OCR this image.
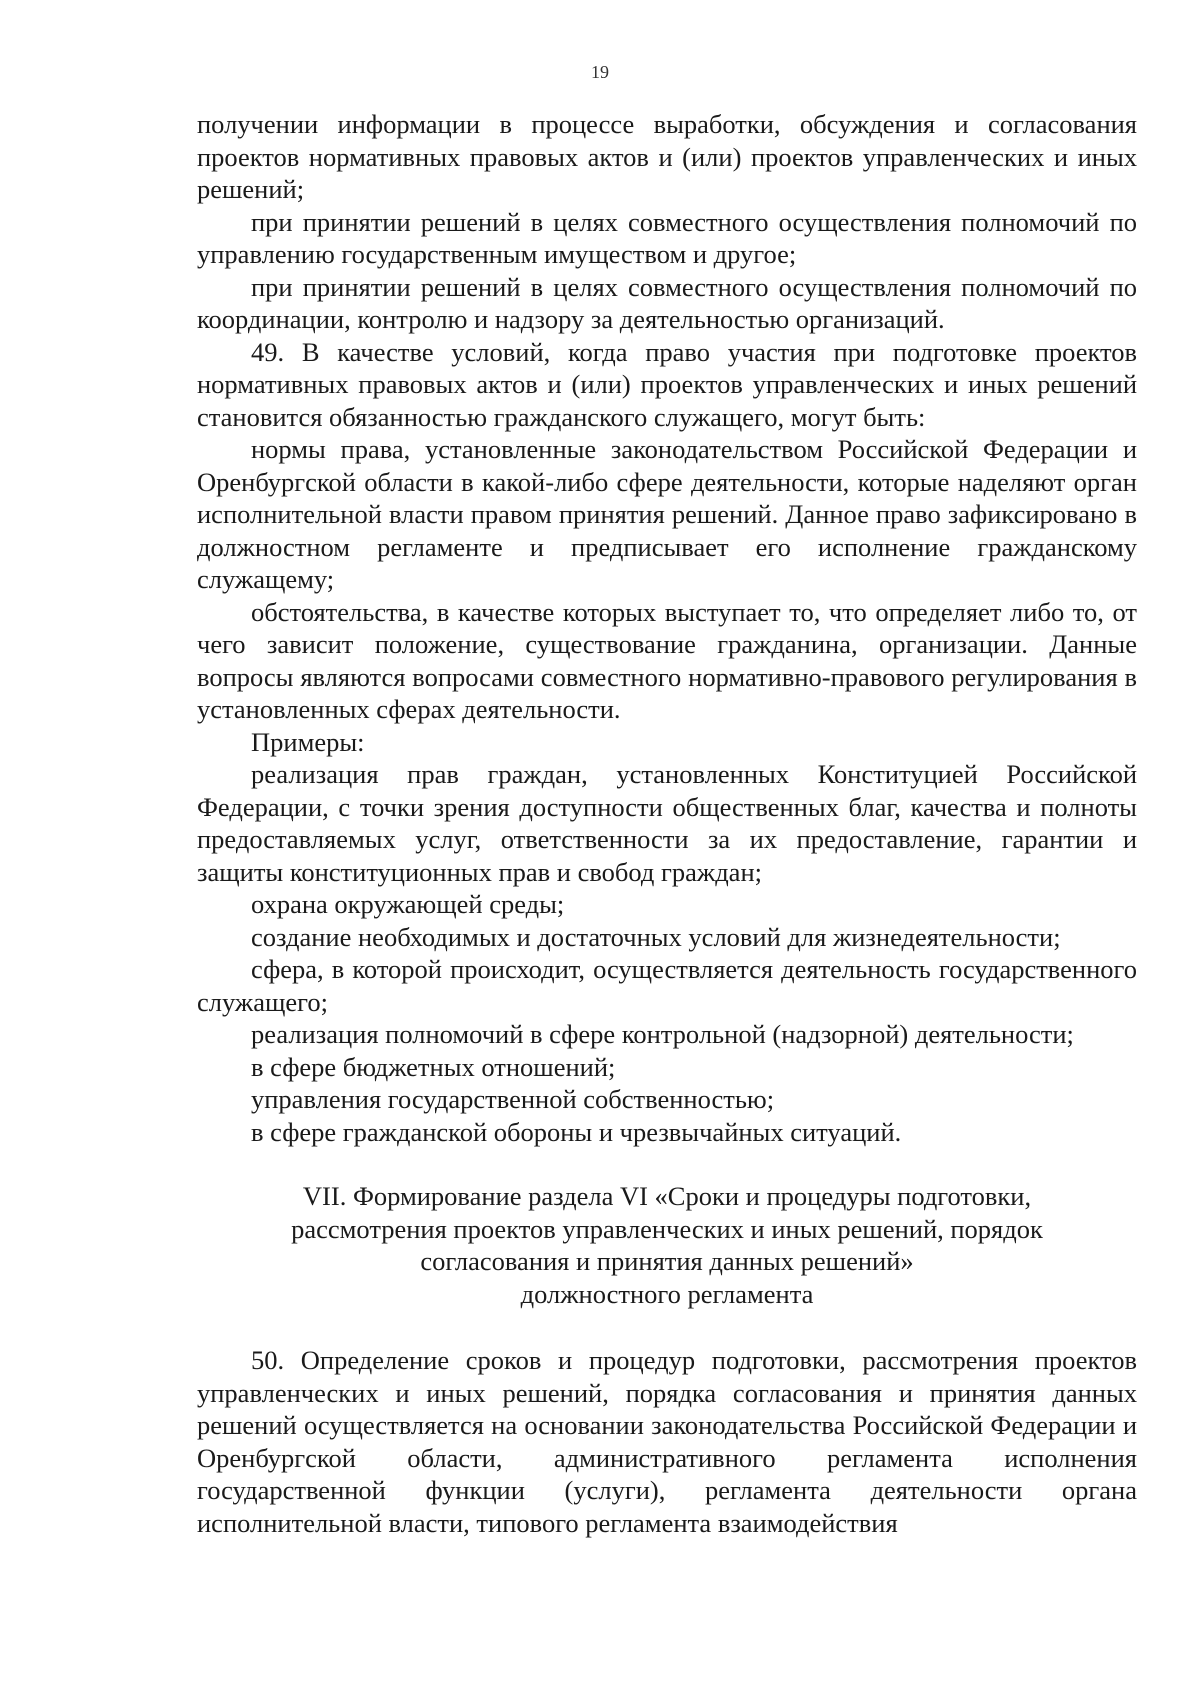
19

получении информации в процессе выработки, обсуждения и согласования проектов нормативных правовых актов и (или) проектов управленческих и иных решений;

при принятии решений в целях совместного осуществления полномочий по управлению государственным имуществом и другое;

при принятии решений в целях совместного осуществления полномочий по координации, контролю и надзору за деятельностью организаций.

49. В качестве условий, когда право участия при подготовке проектов нормативных правовых актов и (или) проектов управленческих и иных решений становится обязанностью гражданского служащего, могут быть:

нормы права, установленные законодательством Российской Федерации и Оренбургской области в какой-либо сфере деятельности, которые наделяют орган исполнительной власти правом принятия решений. Данное право зафиксировано в должностном регламенте и предписывает его исполнение гражданскому служащему;

обстоятельства, в качестве которых выступает то, что определяет либо то, от чего зависит положение, существование гражданина, организации. Данные вопросы являются вопросами совместного нормативно-правового регулирования в установленных сферах деятельности.

Примеры:

реализация прав граждан, установленных Конституцией Российской Федерации, с точки зрения доступности общественных благ, качества и полноты предоставляемых услуг, ответственности за их предоставление, гарантии и защиты конституционных прав и свобод граждан;

охрана окружающей среды;

создание необходимых и достаточных условий для жизнедеятельности;

сфера, в которой происходит, осуществляется деятельность государственного служащего;

реализация полномочий в сфере контрольной (надзорной) деятельности;

в сфере бюджетных отношений;

управления государственной собственностью;

в сфере гражданской обороны и чрезвычайных ситуаций.

VII. Формирование раздела VI «Сроки и процедуры подготовки,
рассмотрения проектов управленческих и иных решений, порядок
согласования и принятия данных решений»
должностного регламента

50. Определение сроков и процедур подготовки, рассмотрения проектов управленческих и иных решений, порядка согласования и принятия данных решений осуществляется на основании законодательства Российской Федерации и Оренбургской области, административного регламента исполнения государственной функции (услуги), регламента деятельности органа исполнительной власти, типового регламента взаимодействия
